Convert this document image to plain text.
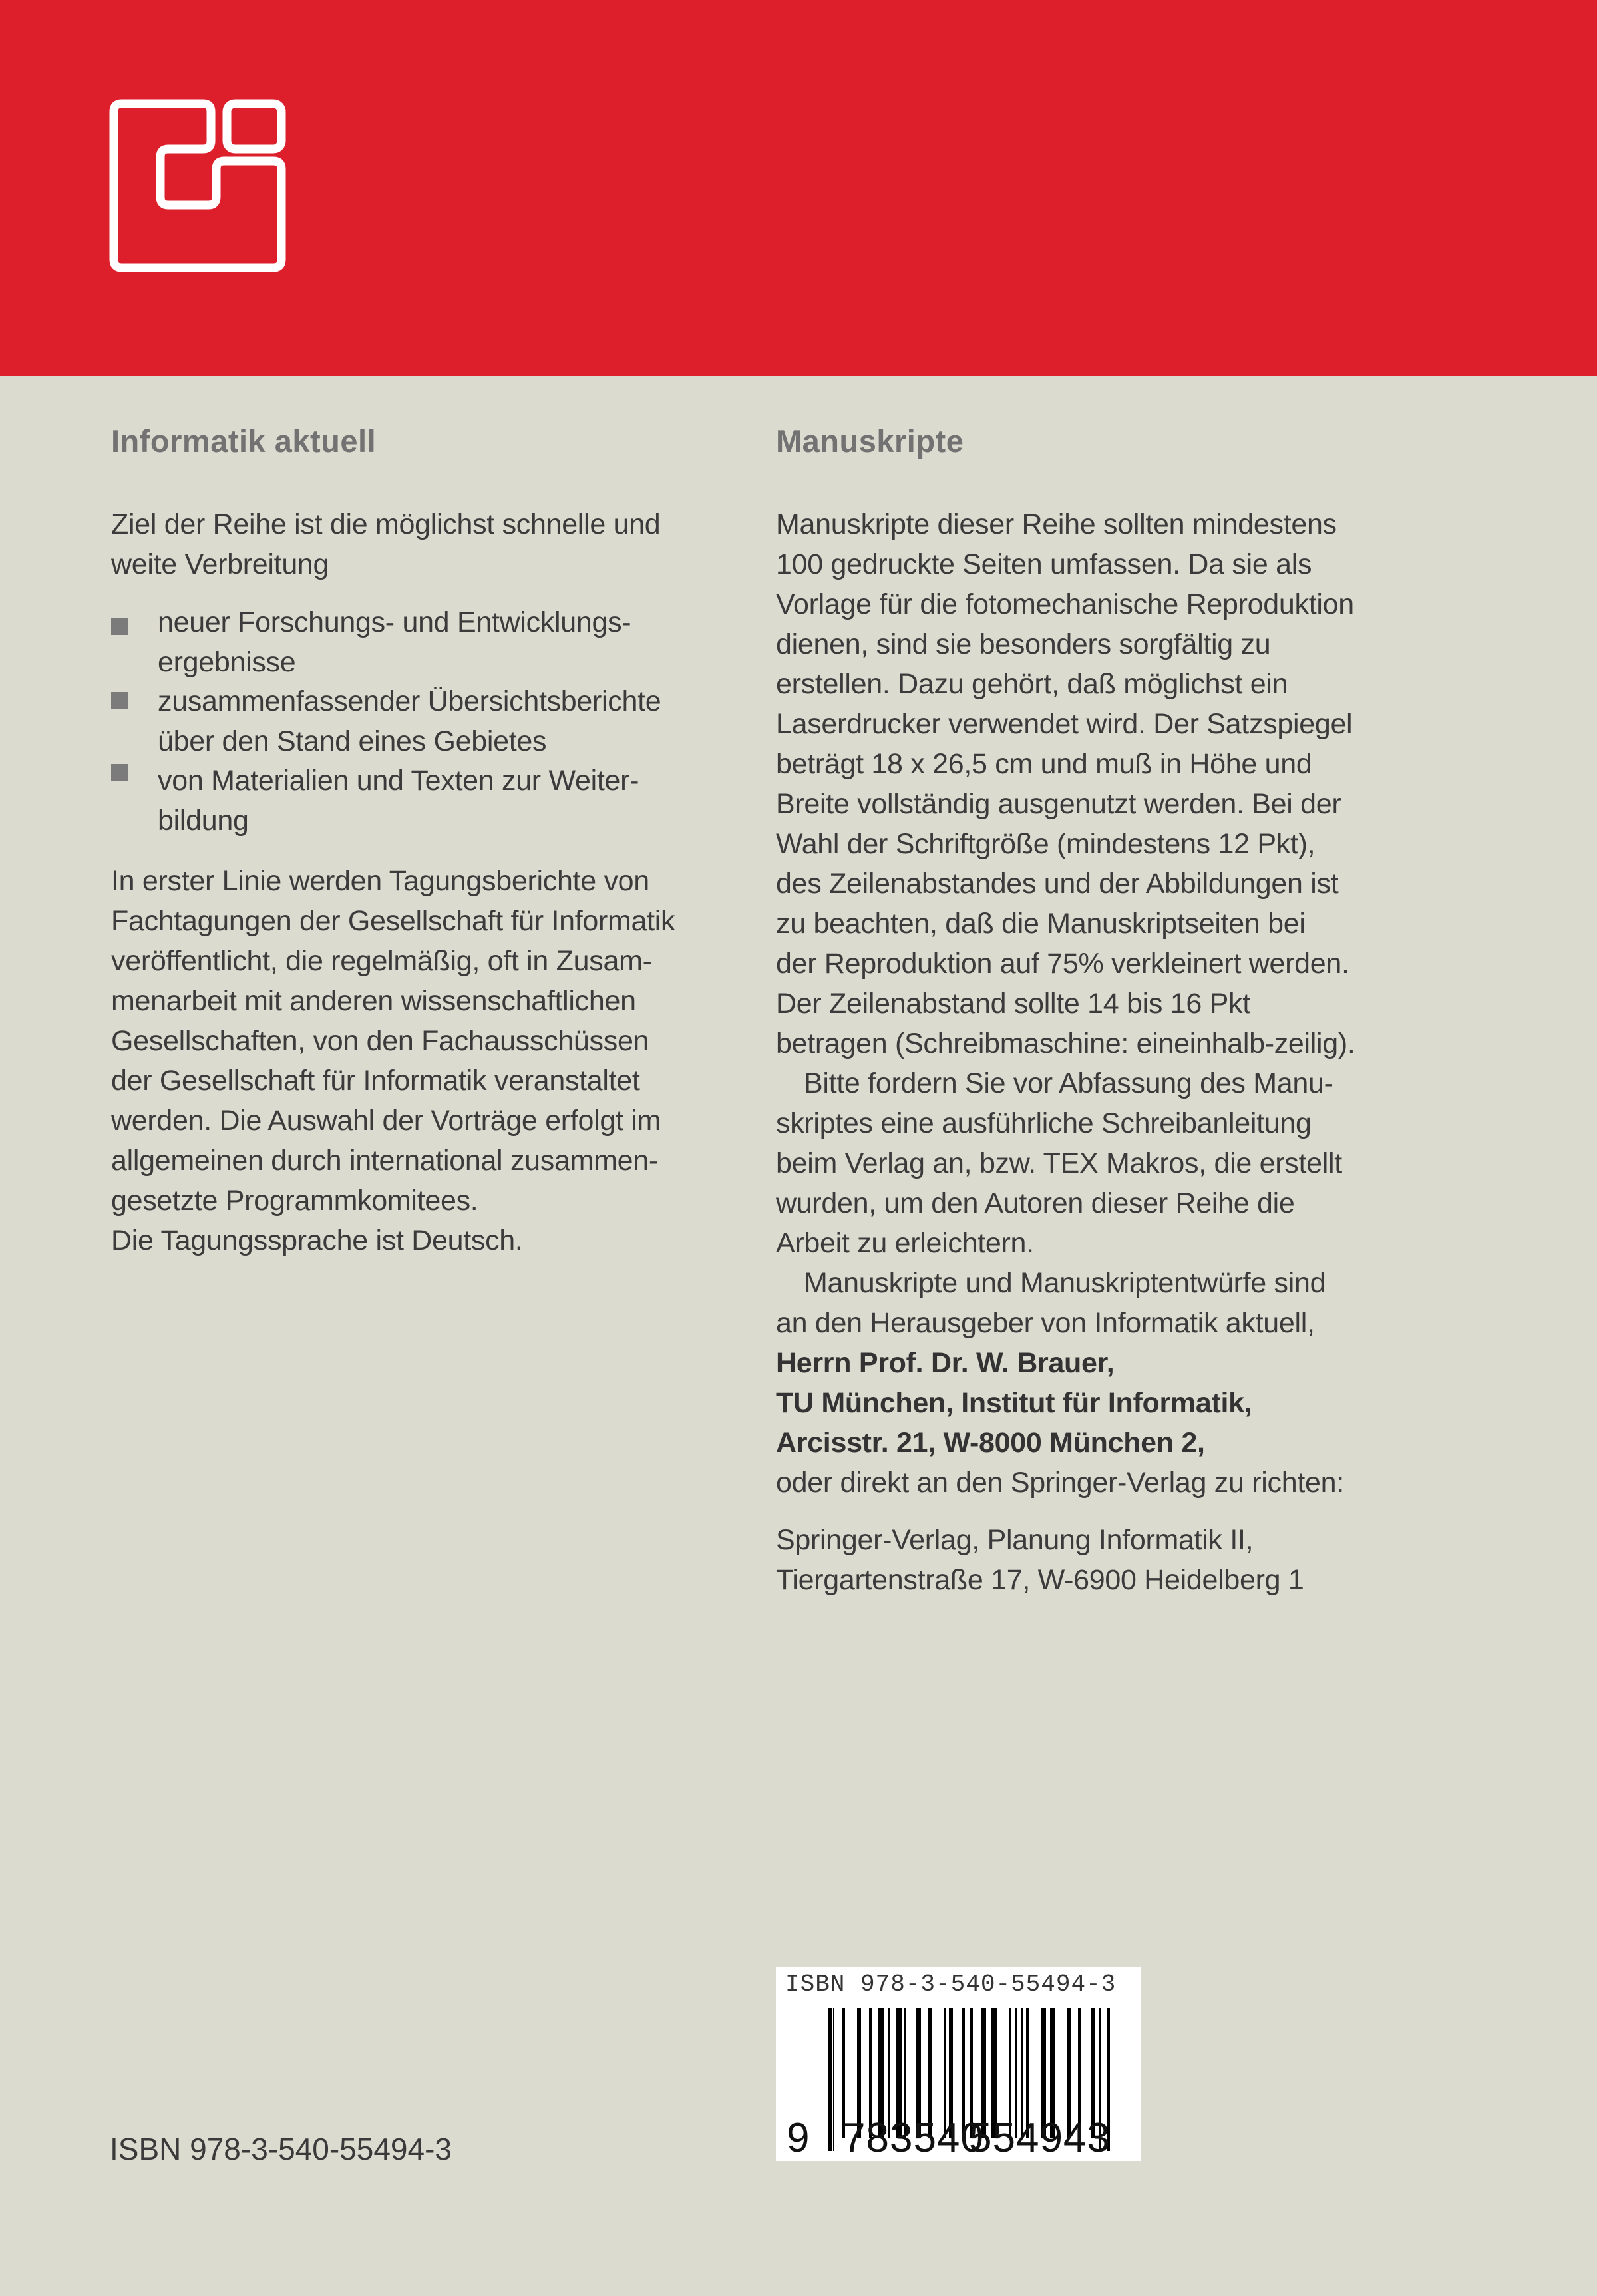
Informatik aktuell	Manuskripte
Ziel der Reihe ist die möglichst schnelle und
weite Verbreitung
neuer Forschungs- und Entwicklungs-
ergebnisse
zusammenfassender Übersichtsberichte
über den Stand eines Gebietes
von Materialien und Texten zur Weiter-
bildung
In erster Linie werden Tagungsberichte von
Fachtagungen der Gesellschaft für Informatik
veröffentlicht, die regelmäßig, oft in Zusam-
menarbeit mit anderen wissenschaftlichen
Gesellschaften, von den Fachausschüssen
der Gesellschaft für Informatik veranstaltet
werden. Die Auswahl der Vorträge erfolgt im
allgemeinen durch international zusammen-
gesetzte Programmkomitees.
Die Tagungssprache ist Deutsch.
Manuskripte dieser Reihe sollten mindestens
100 gedruckte Seiten umfassen. Da sie als
Vorlage für die fotomechanische Reproduktion
dienen, sind sie besonders sorgfältig zu
erstellen. Dazu gehört, daß möglichst ein
Laserdrucker verwendet wird. Der Satzspiegel
beträgt 18 x 26,5 cm und muß in Höhe und
Breite vollständig ausgenutzt werden. Bei der
Wahl der Schriftgröße (mindestens 12 Pkt),
des Zeilenabstandes und der Abbildungen ist
zu beachten, daß die Manuskriptseiten bei
der Reproduktion auf 75% verkleinert werden.
Der Zeilenabstand sollte 14 bis 16 Pkt
betragen (Schreibmaschine: eineinhalb-zeilig).
Bitte fordern Sie vor Abfassung des Manu-
skriptes eine ausführliche Schreibanleitung
beim Verlag an, bzw. TEX Makros, die erstellt
wurden, um den Autoren dieser Reihe die
Arbeit zu erleichtern.
Manuskripte und Manuskriptentwürfe sind
an den Herausgeber von Informatik aktuell,
Herrn Prof. Dr. W. Brauer,
TU München, Institut für Informatik,
Arcisstr. 21, W-8000 München 2,
oder direkt an den Springer-Verlag zu richten:
Springer-Verlag, Planung Informatik II,
Tiergartenstraße 17, W-6900 Heidelberg 1
ISBN 978-3-540-55494-3
9 783540
554943
ISBN 978-3-540-55494-3
